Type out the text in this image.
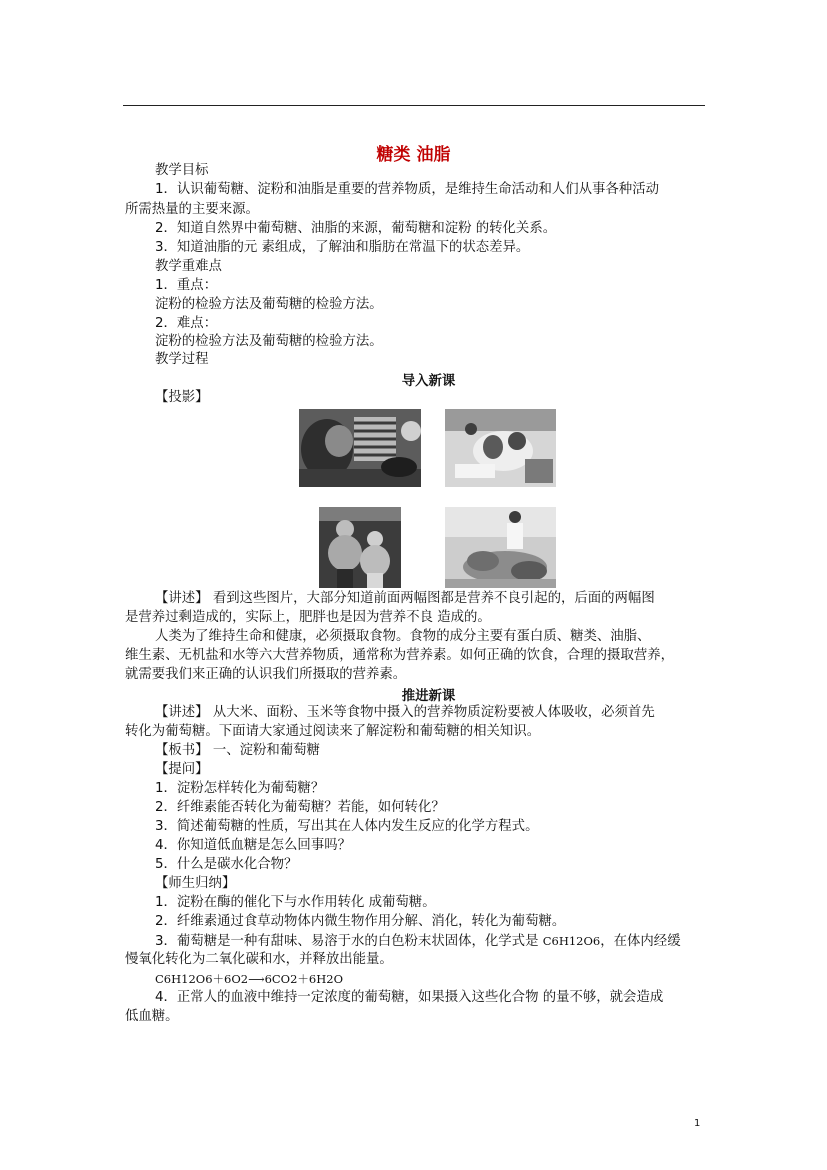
糖类 油脂
教学目标
1．认识葡萄糖、淀粉和油脂是重要的营养物质，是维持生命活动和人们从事各种活动
所需热量的主要来源。
2．知道自然界中葡萄糖、油脂的来源，葡萄糖和淀粉 的转化关系。
3．知道油脂的元 素组成，了解油和脂肪在常温下的状态差异。
教学重难点
1．重点：
淀粉的检验方法及葡萄糖的检验方法。
2．难点：
淀粉的检验方法及葡萄糖的检验方法。
教学过程
导入新课
【投影】
【讲述】 看到这些图片，大部分知道前面两幅图都是营养不良引起的，后面的两幅图
是营养过剩造成的，实际上，肥胖也是因为营养不良 造成的。
人类为了维持生命和健康，必须摄取食物。食物的成分主要有蛋白质、糖类、油脂、
维生素、无机盐和水等六大营养物质，通常称为营养素。如何正确的饮食，合理的摄取营养，
就需要我们来正确的认识我们所摄取的营养素。
推进新课
【讲述】 从大米、面粉、玉米等食物中摄入的营养物质淀粉要被人体吸收，必须首先
转化为葡萄糖。下面请大家通过阅读来了解淀粉和葡萄糖的相关知识。
【板书】 一、淀粉和葡萄糖
【提问】
1．淀粉怎样转化为葡萄糖？
2．纤维素能否转化为葡萄糖？若能，如何转化？
3．简述葡萄糖的性质，写出其在人体内发生反应的化学方程式。
4．你知道低血糖是怎么回事吗？
5．什么是碳水化合物？
【师生归纳】
1．淀粉在酶的催化下与水作用转化 成葡萄糖。
2．纤维素通过食草动物体内微生物作用分解、消化，转化为葡萄糖。
3．葡萄糖是一种有甜味、易溶于水的白色粉末状固体，化学式是 C6H12O6，在体内经缓
慢氧化转化为二氧化碳和水，并释放出能量。
C6H12O6＋6O2⟶6CO2＋6H2O
4．正常人的血液中维持一定浓度的葡萄糖，如果摄入这些化合物 的量不够，就会造成
低血糖。
1
